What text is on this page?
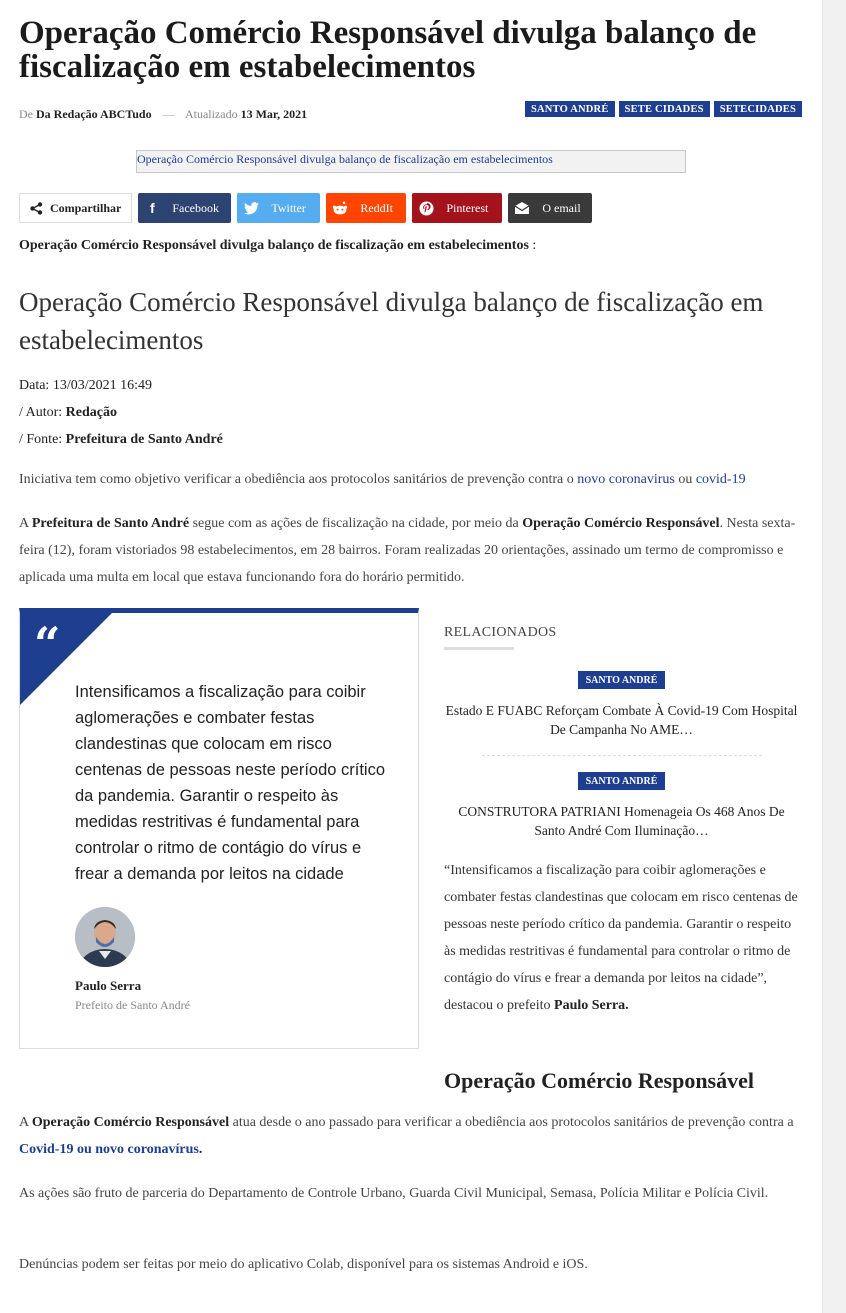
Operação Comércio Responsável divulga balanço de fiscalização em estabelecimentos
De Da Redação ABCTudo — Atualizado 13 Mar, 2021	SANTO ANDRÉ	SETE CIDADES	SETECIDADES
Operação Comércio Responsável divulga balanço de fiscalização em estabelecimentos
Compartilhar	f	Facebook	Twitter	ReddIt	Pinterest	O email
Operação Comércio Responsável divulga balanço de fiscalização em estabelecimentos :
Operação Comércio Responsável divulga balanço de fiscalização em estabelecimentos
Data: 13/03/2021 16:49
/ Autor: Redação
/ Fonte: Prefeitura de Santo André

Iniciativa tem como objetivo verificar a obediência aos protocolos sanitários de prevenção contra o novo coronavirus ou covid-19

A Prefeitura de Santo André segue com as ações de fiscalização na cidade, por meio da Operação Comércio Responsável. Nesta sexta-feira (12), foram vistoriados 98 estabelecimentos, em 28 bairros. Foram realizadas 20 orientações, assinado um termo de compromisso e aplicada uma multa em local que estava funcionando fora do horário permitido.

“
Intensificamos a fiscalização para coibir aglomerações e combater festas clandestinas que colocam em risco centenas de pessoas neste período crítico da pandemia. Garantir o respeito às medidas restritivas é fundamental para controlar o ritmo de contágio do vírus e frear a demanda por leitos na cidade
Paulo Serra
Prefeito de Santo André
RELACIONADOS
SANTO ANDRÉ
Estado E FUABC Reforçam Combate À Covid-19 Com Hospital De Campanha No AME…
SANTO ANDRÉ
CONSTRUTORA PATRIANI Homenageia Os 468 Anos De Santo André Com Iluminação…
“Intensificamos a fiscalização para coibir aglomerações e combater festas clandestinas que colocam em risco centenas de pessoas neste período crítico da pandemia. Garantir o respeito às medidas restritivas é fundamental para controlar o ritmo de contágio do vírus e frear a demanda por leitos na cidade”, destacou o prefeito Paulo Serra.
Operação Comércio Responsável

A Operação Comércio Responsável atua desde o ano passado para verificar a obediência aos protocolos sanitários de prevenção contra a Covid-19 ou novo coronavírus.

As ações são fruto de parceria do Departamento de Controle Urbano, Guarda Civil Municipal, Semasa, Polícia Militar e Polícia Civil.

Denúncias podem ser feitas por meio do aplicativo Colab, disponível para os sistemas Android e iOS.
